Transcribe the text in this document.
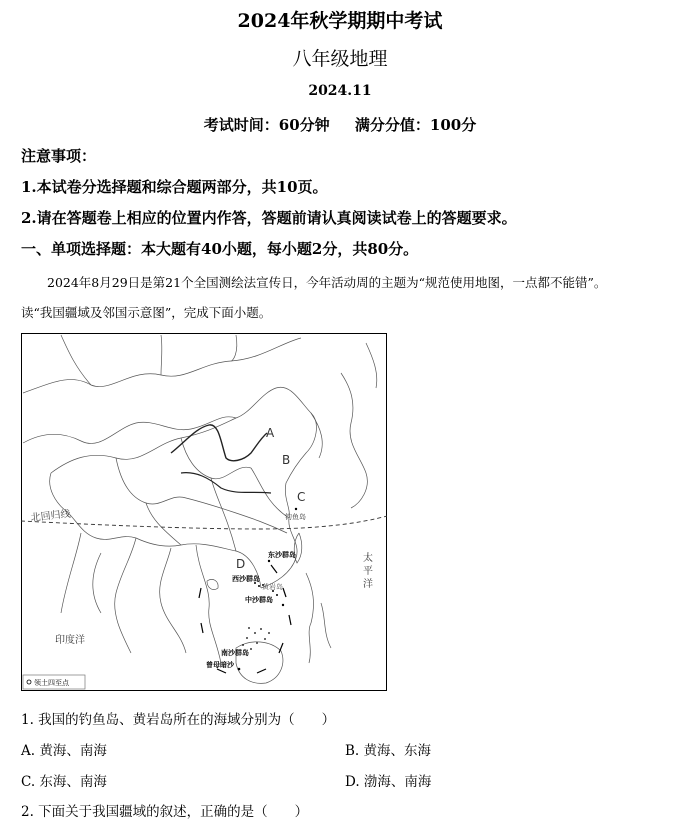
2024年秋学期期中考试
八年级地理
2024.11
考试时间：60分钟 满分分值：100分
注意事项：
1.本试卷分选择题和综合题两部分，共10页。
2.请在答题卷上相应的位置内作答，答题前请认真阅读试卷上的答题要求。
一、单项选择题：本大题有40小题，每小题2分，共80分。

2024年8月29日是第21个全国测绘法宣传日，今年活动周的主题为“规范使用地图，一点都不能错”。

读“我国疆域及邻国示意图”，完成下面小题。

A
B
C
D
北回归线	钓鱼岛
东沙群岛
西沙群岛
黄岩岛
中沙群岛
南沙群岛
曾母暗沙
印度洋
太
平
洋
领土四至点
1. 我国的钓鱼岛、黄岩岛所在的海域分别为（　　）
A. 黄海、南海	B. 黄海、东海
C. 东海、南海	D. 渤海、南海
2. 下面关于我国疆域的叙述，正确的是（　　）
